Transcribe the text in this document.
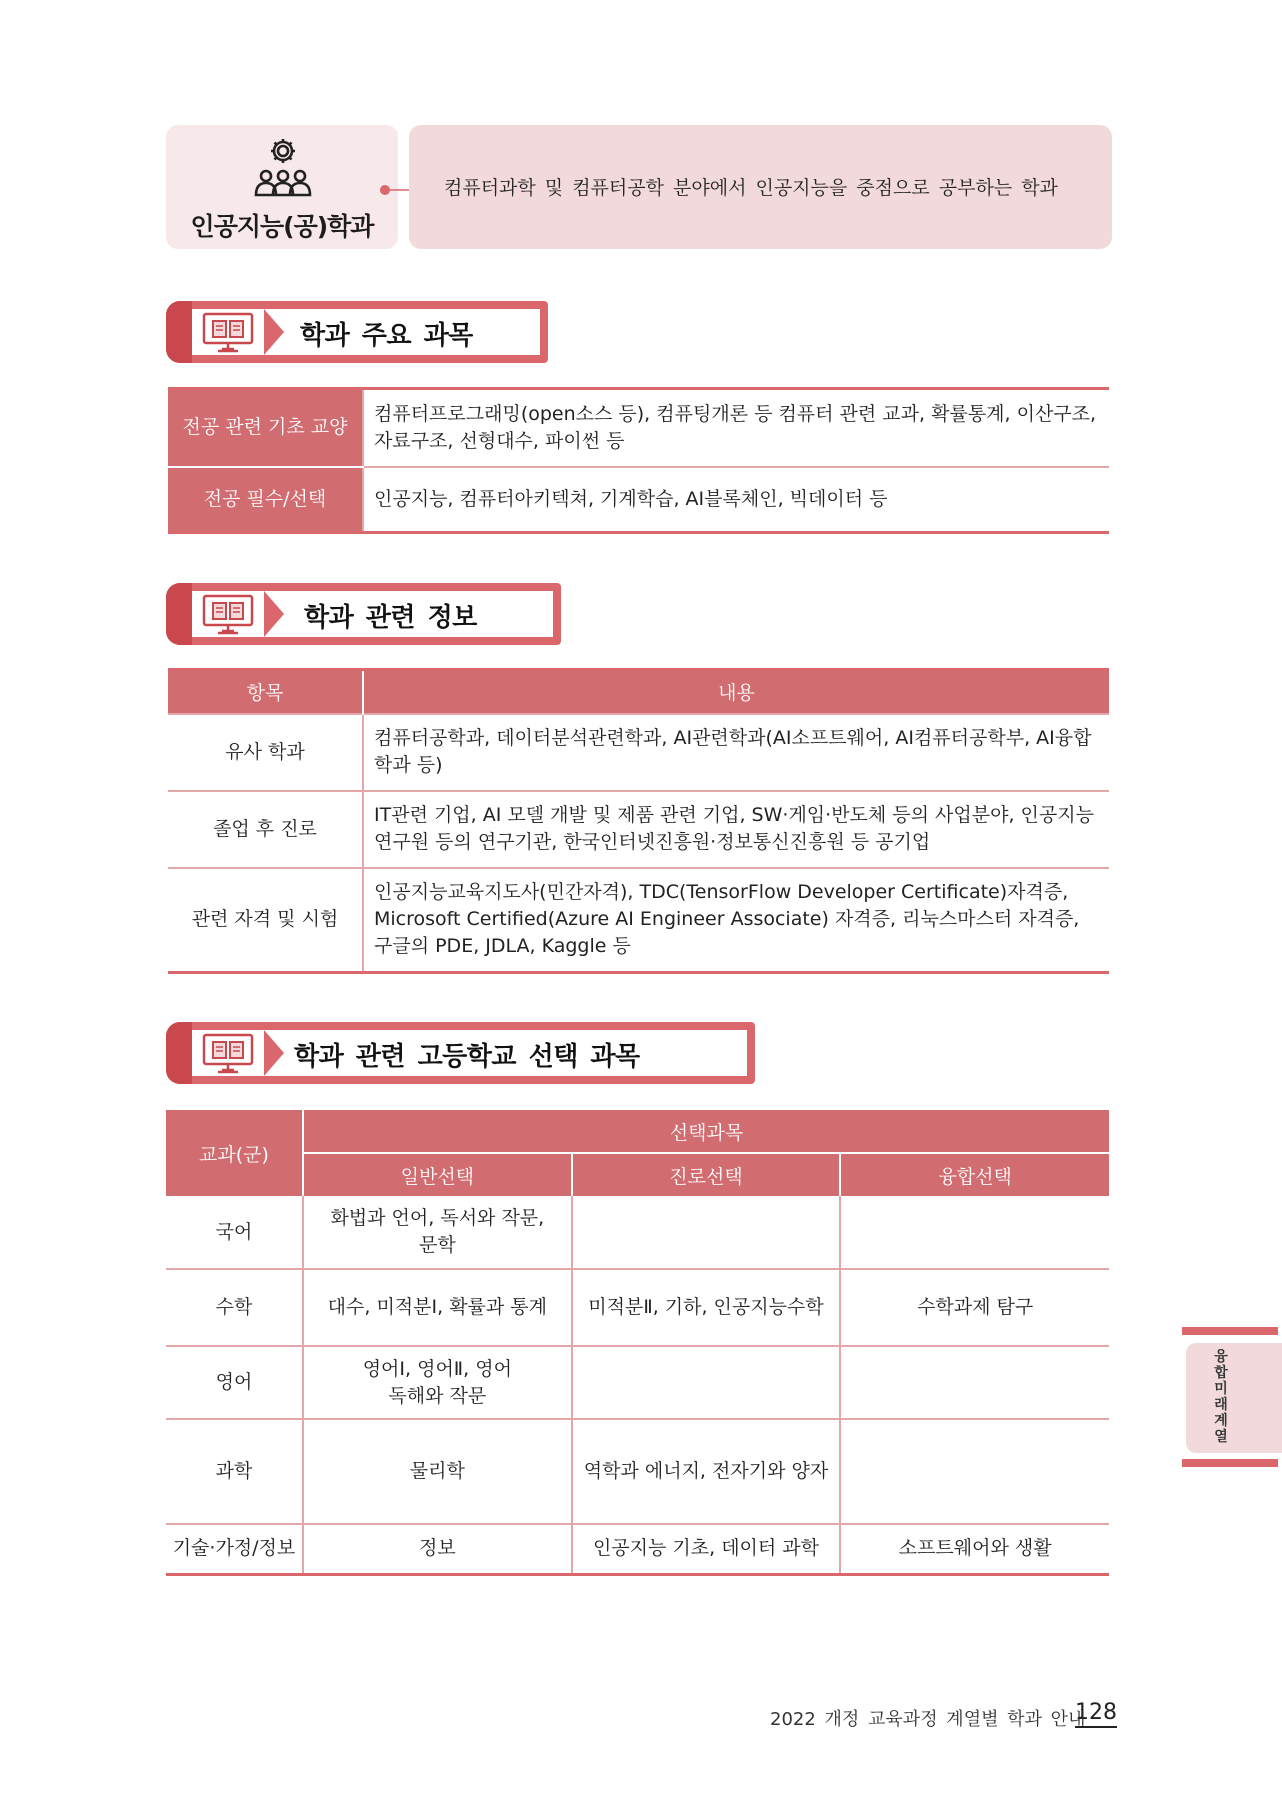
인공지능(공)학과
컴퓨터과학 및 컴퓨터공학 분야에서 인공지능을 중점으로 공부하는 학과
학과 주요 과목
전공 관련 기초 교양	컴퓨터프로그래밍(open소스 등), 컴퓨팅개론 등 컴퓨터 관련 교과, 확률통계, 이산구조, 자료구조, 선형대수, 파이썬 등
전공 필수/선택	인공지능, 컴퓨터아키텍쳐, 기계학습, AI블록체인, 빅데이터 등
학과 관련 정보
항목	내용
유사 학과	컴퓨터공학과, 데이터분석관련학과, AI관련학과(AI소프트웨어, AI컴퓨터공학부, AI융합학과 등)
졸업 후 진로	IT관련 기업, AI 모델 개발 및 제품 관련 기업, SW·게임·반도체 등의 사업분야, 인공지능연구원 등의 연구기관, 한국인터넷진흥원·정보통신진흥원 등 공기업
관련 자격 및 시험	인공지능교육지도사(민간자격), TDC(TensorFlow Developer Certificate)자격증, Microsoft Certified(Azure AI Engineer Associate) 자격증, 리눅스마스터 자격증, 구글의 PDE, JDLA, Kaggle 등
학과 관련 고등학교 선택 과목
교과(군)	선택과목		
	일반선택	진로선택	융합선택
국어	화법과 언어, 독서와 작문, 문학		
수학	대수, 미적분Ⅰ, 확률과 통계	미적분Ⅱ, 기하, 인공지능수학	수학과제 탐구
영어	영어Ⅰ, 영어Ⅱ, 영어 독해와 작문		
과학	물리학	역학과 에너지, 전자기와 양자	
기술·가정/정보	정보	인공지능 기초, 데이터 과학	소프트웨어와 생활
융합미래 계열
2022 개정 교육과정 계열별 학과 안내
128
